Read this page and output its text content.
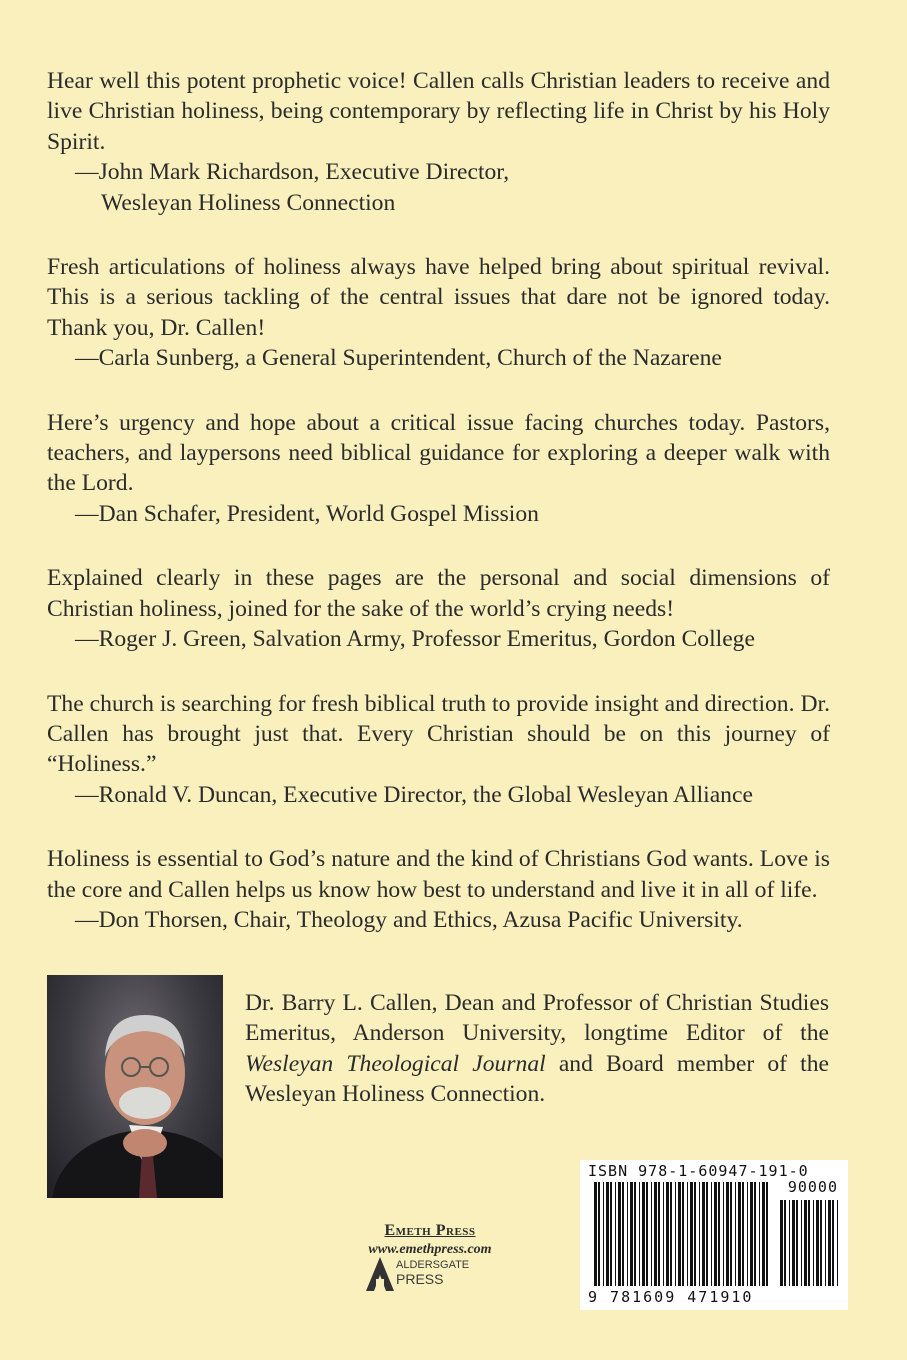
Hear well this potent prophetic voice! Callen calls Christian leaders to receive and live Christian holiness, being contemporary by reflecting life in Christ by his Holy Spirit.

—John Mark Richardson, Executive Director,
Wesleyan Holiness Connection

Fresh articulations of holiness always have helped bring about spiritual revival. This is a serious tackling of the central issues that dare not be ignored today. Thank you, Dr. Callen!

—Carla Sunberg, a General Superintendent, Church of the Nazarene

Here’s urgency and hope about a critical issue facing churches today. Pastors, teachers, and laypersons need biblical guidance for exploring a deeper walk with the Lord.

—Dan Schafer, President, World Gospel Mission

Explained clearly in these pages are the personal and social dimensions of Christian holiness, joined for the sake of the world’s crying needs!

—Roger J. Green, Salvation Army, Professor Emeritus, Gordon College

The church is searching for fresh biblical truth to provide insight and direction. Dr. Callen has brought just that. Every Christian should be on this journey of “Holiness.”

—Ronald V. Duncan, Executive Director, the Global Wesleyan Alliance

Holiness is essential to God’s nature and the kind of Christians God wants. Love is the core and Callen helps us know how best to understand and live it in all of life.

—Don Thorsen, Chair, Theology and Ethics, Azusa Pacific University.

Dr. Barry L. Callen, Dean and Professor of Christian Studies Emeritus, Anderson University, longtime Editor of the Wesleyan Theological Journal and Board member of the Wesleyan Holiness Connection.

Emeth Press
www.emethpress.com
ALDERSGATE
PRESS
ISBN 978-1-60947-191-0
90000
9 781609 471910
